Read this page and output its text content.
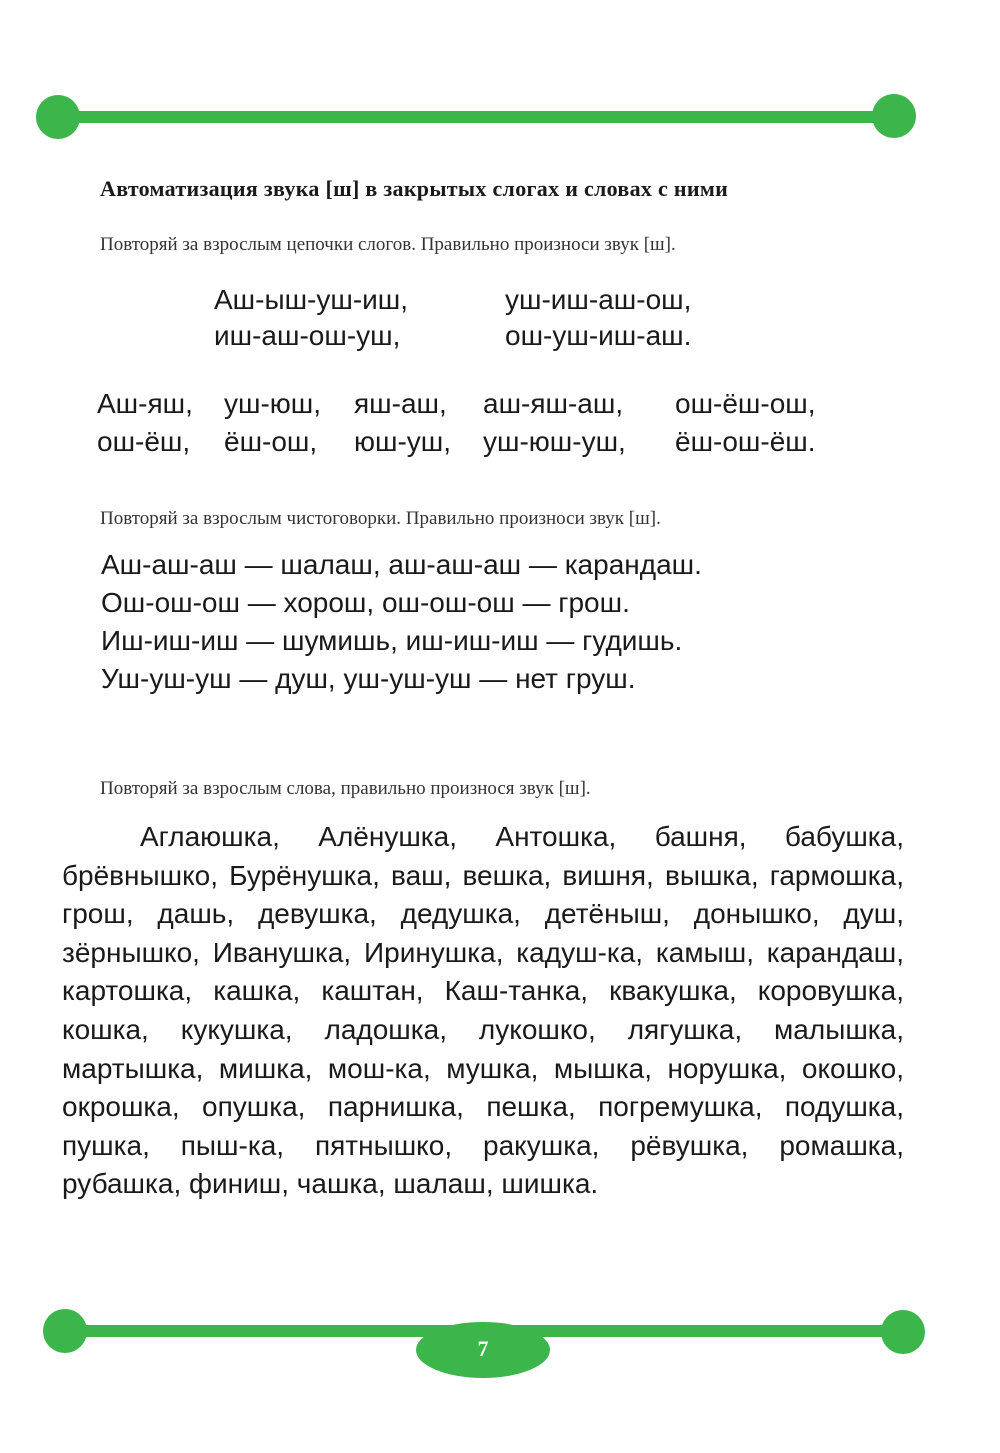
Автоматизация звука [ш] в закрытых слогах и словах с ними
Повторяй за взрослым цепочки слогов. Правильно произноси звук [ш].
Аш-ыш-уш-иш,	уш-иш-аш-ош,
иш-аш-ош-уш,	ош-уш-иш-аш.
Аш-яш, уш-юш, яш-аш, аш-яш-аш, ош-ёш-ош,
ош-ёш, ёш-ош, юш-уш, уш-юш-уш, ёш-ош-ёш.
Повторяй за взрослым чистоговорки. Правильно произноси звук [ш].
Аш-аш-аш — шалаш, аш-аш-аш — карандаш.
Ош-ош-ош — хорош, ош-ош-ош — грош.
Иш-иш-иш — шумишь, иш-иш-иш — гудишь.
Уш-уш-уш — душ, уш-уш-уш — нет груш.
Повторяй за взрослым слова, правильно произнося звук [ш].
Аглаюшка, Алёнушка, Антошка, башня, бабушка, брёвнышко, Бурёнушка, ваш, вешка, вишня, вышка, гармошка, грош, дашь, девушка, дедушка, детёныш, донышко, душ, зёрнышко, Иванушка, Иринушка, кадуш-ка, камыш, карандаш, картошка, кашка, каштан, Каш-танка, квакушка, коровушка, кошка, кукушка, ладошка, лукошко, лягушка, малышка, мартышка, мишка, мош-ка, мушка, мышка, норушка, окошко, окрошка, опушка, парнишка, пешка, погремушка, подушка, пушка, пыш-ка, пятнышко, ракушка, рёвушка, ромашка, рубашка, финиш, чашка, шалаш, шишка.
7
